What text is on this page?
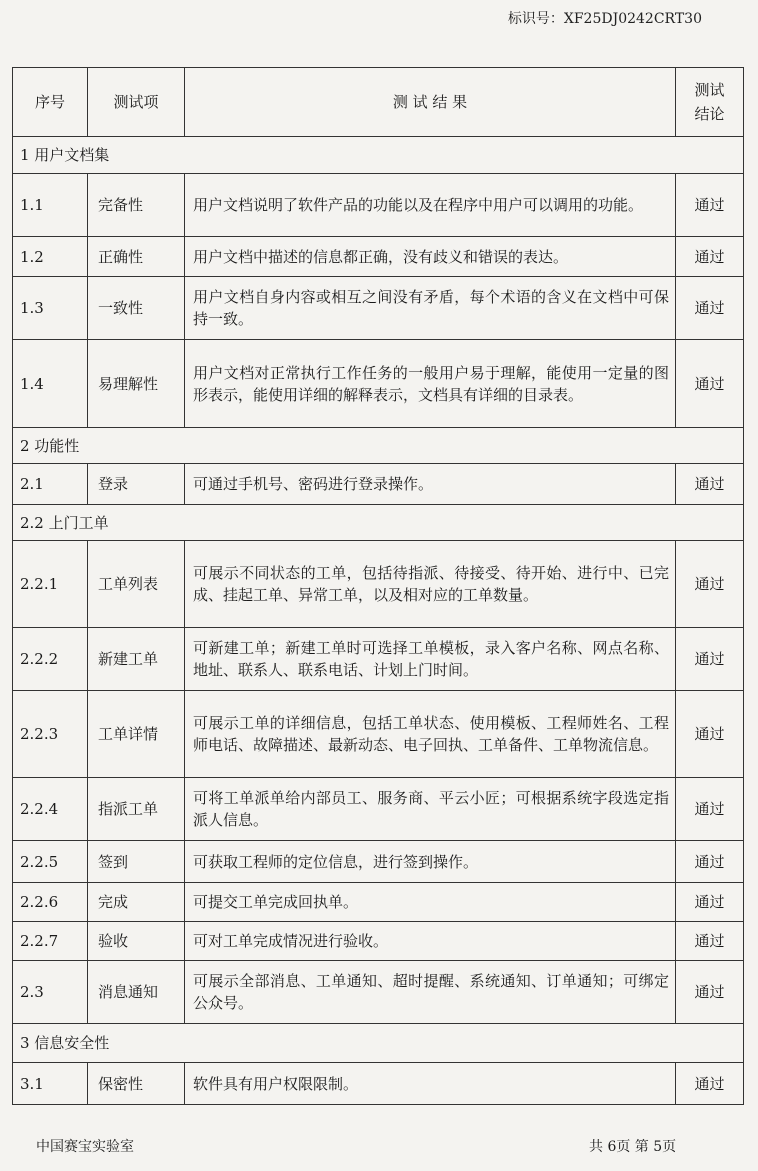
标识号：XF25DJ0242CRT30
序号	测试项	测 试 结 果	测试结论
1 用户文档集			
1.1	完备性	用户文档说明了软件产品的功能以及在程序中用户可以调用的功能。	通过
1.2	正确性	用户文档中描述的信息都正确，没有歧义和错误的表达。	通过
1.3	一致性	用户文档自身内容或相互之间没有矛盾，每个术语的含义在文档中可保持一致。	通过
1.4	易理解性	用户文档对正常执行工作任务的一般用户易于理解，能使用一定量的图形表示，能使用详细的解释表示，文档具有详细的目录表。	通过
2 功能性			
2.1	登录	可通过手机号、密码进行登录操作。	通过
2.2 上门工单			
2.2.1	工单列表	可展示不同状态的工单，包括待指派、待接受、待开始、进行中、已完成、挂起工单、异常工单，以及相对应的工单数量。	通过
2.2.2	新建工单	可新建工单；新建工单时可选择工单模板，录入客户名称、网点名称、地址、联系人、联系电话、计划上门时间。	通过
2.2.3	工单详情	可展示工单的详细信息，包括工单状态、使用模板、工程师姓名、工程师电话、故障描述、最新动态、电子回执、工单备件、工单物流信息。	通过
2.2.4	指派工单	可将工单派单给内部员工、服务商、平云小匠；可根据系统字段选定指派人信息。	通过
2.2.5	签到	可获取工程师的定位信息，进行签到操作。	通过
2.2.6	完成	可提交工单完成回执单。	通过
2.2.7	验收	可对工单完成情况进行验收。	通过
2.3	消息通知	可展示全部消息、工单通知、超时提醒、系统通知、订单通知；可绑定公众号。	通过
3 信息安全性			
3.1	保密性	软件具有用户权限限制。	通过
中国赛宝实验室	共 6页 第 5页
